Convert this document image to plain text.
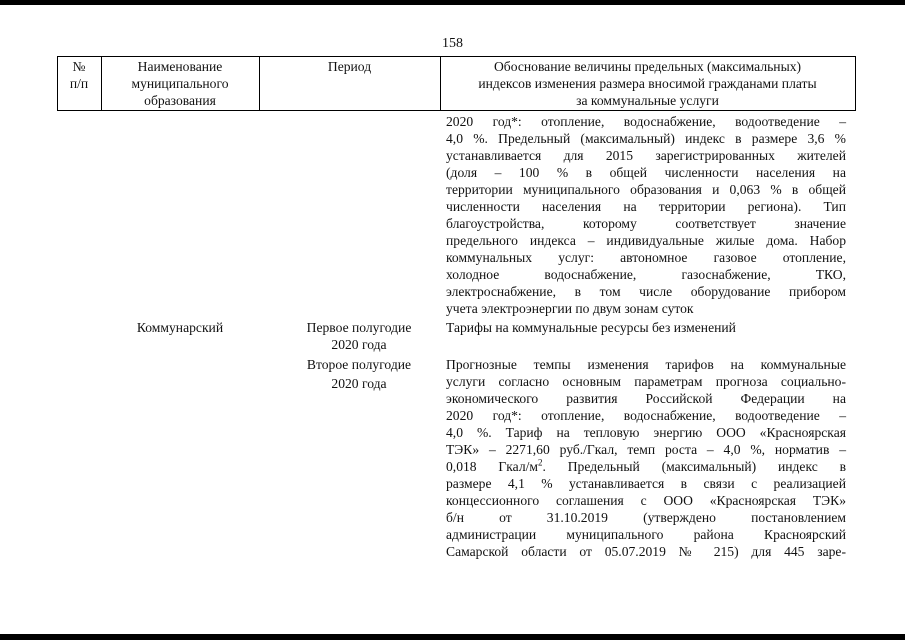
158
№
п/п
Наименование
муниципального
образования
Период	Обоснование величины предельных (максимальных)
индексов изменения размера вносимой гражданами платы
за коммунальные услуги

2020 год*: отопление, водоснабжение, водоотведение –

4,0 %. Предельный (максимальный) индекс в размере 3,6 %

устанавливается для 2015 зарегистрированных жителей

(доля – 100 % в общей численности населения на

территории муниципального образования и 0,063 % в общей

численности населения на территории региона). Тип

благоустройства, которому соответствует значение

предельного индекса – индивидуальные жилые дома. Набор

коммунальных услуг: автономное газовое отопление,

холодное водоснабжение, газоснабжение, ТКО,

электроснабжение, в том числе оборудование прибором

учета электроэнергии по двум зонам суток

Коммунарский	Первое полугодие
2020 года
Второе полугодие
2020 года
Тарифы на коммунальные ресурсы без изменений

Прогнозные темпы изменения тарифов на коммунальные

услуги согласно основным параметрам прогноза социально-

экономического развития Российской Федерации на

2020 год*: отопление, водоснабжение, водоотведение –

4,0 %. Тариф на тепловую энергию ООО «Красноярская

ТЭК» – 2271,60 руб./Гкал, темп роста – 4,0 %, норматив –

0,018 Гкал/$м^2$. Предельный (максимальный) индекс в

размере 4,1 % устанавливается в связи с реализацией

концессионного соглашения с ООО «Красноярская ТЭК»

б/н от 31.10.2019 (утверждено постановлением

администрации муниципального района Красноярский

Самарской области от 05.07.2019 № 215) для 445 заре-
